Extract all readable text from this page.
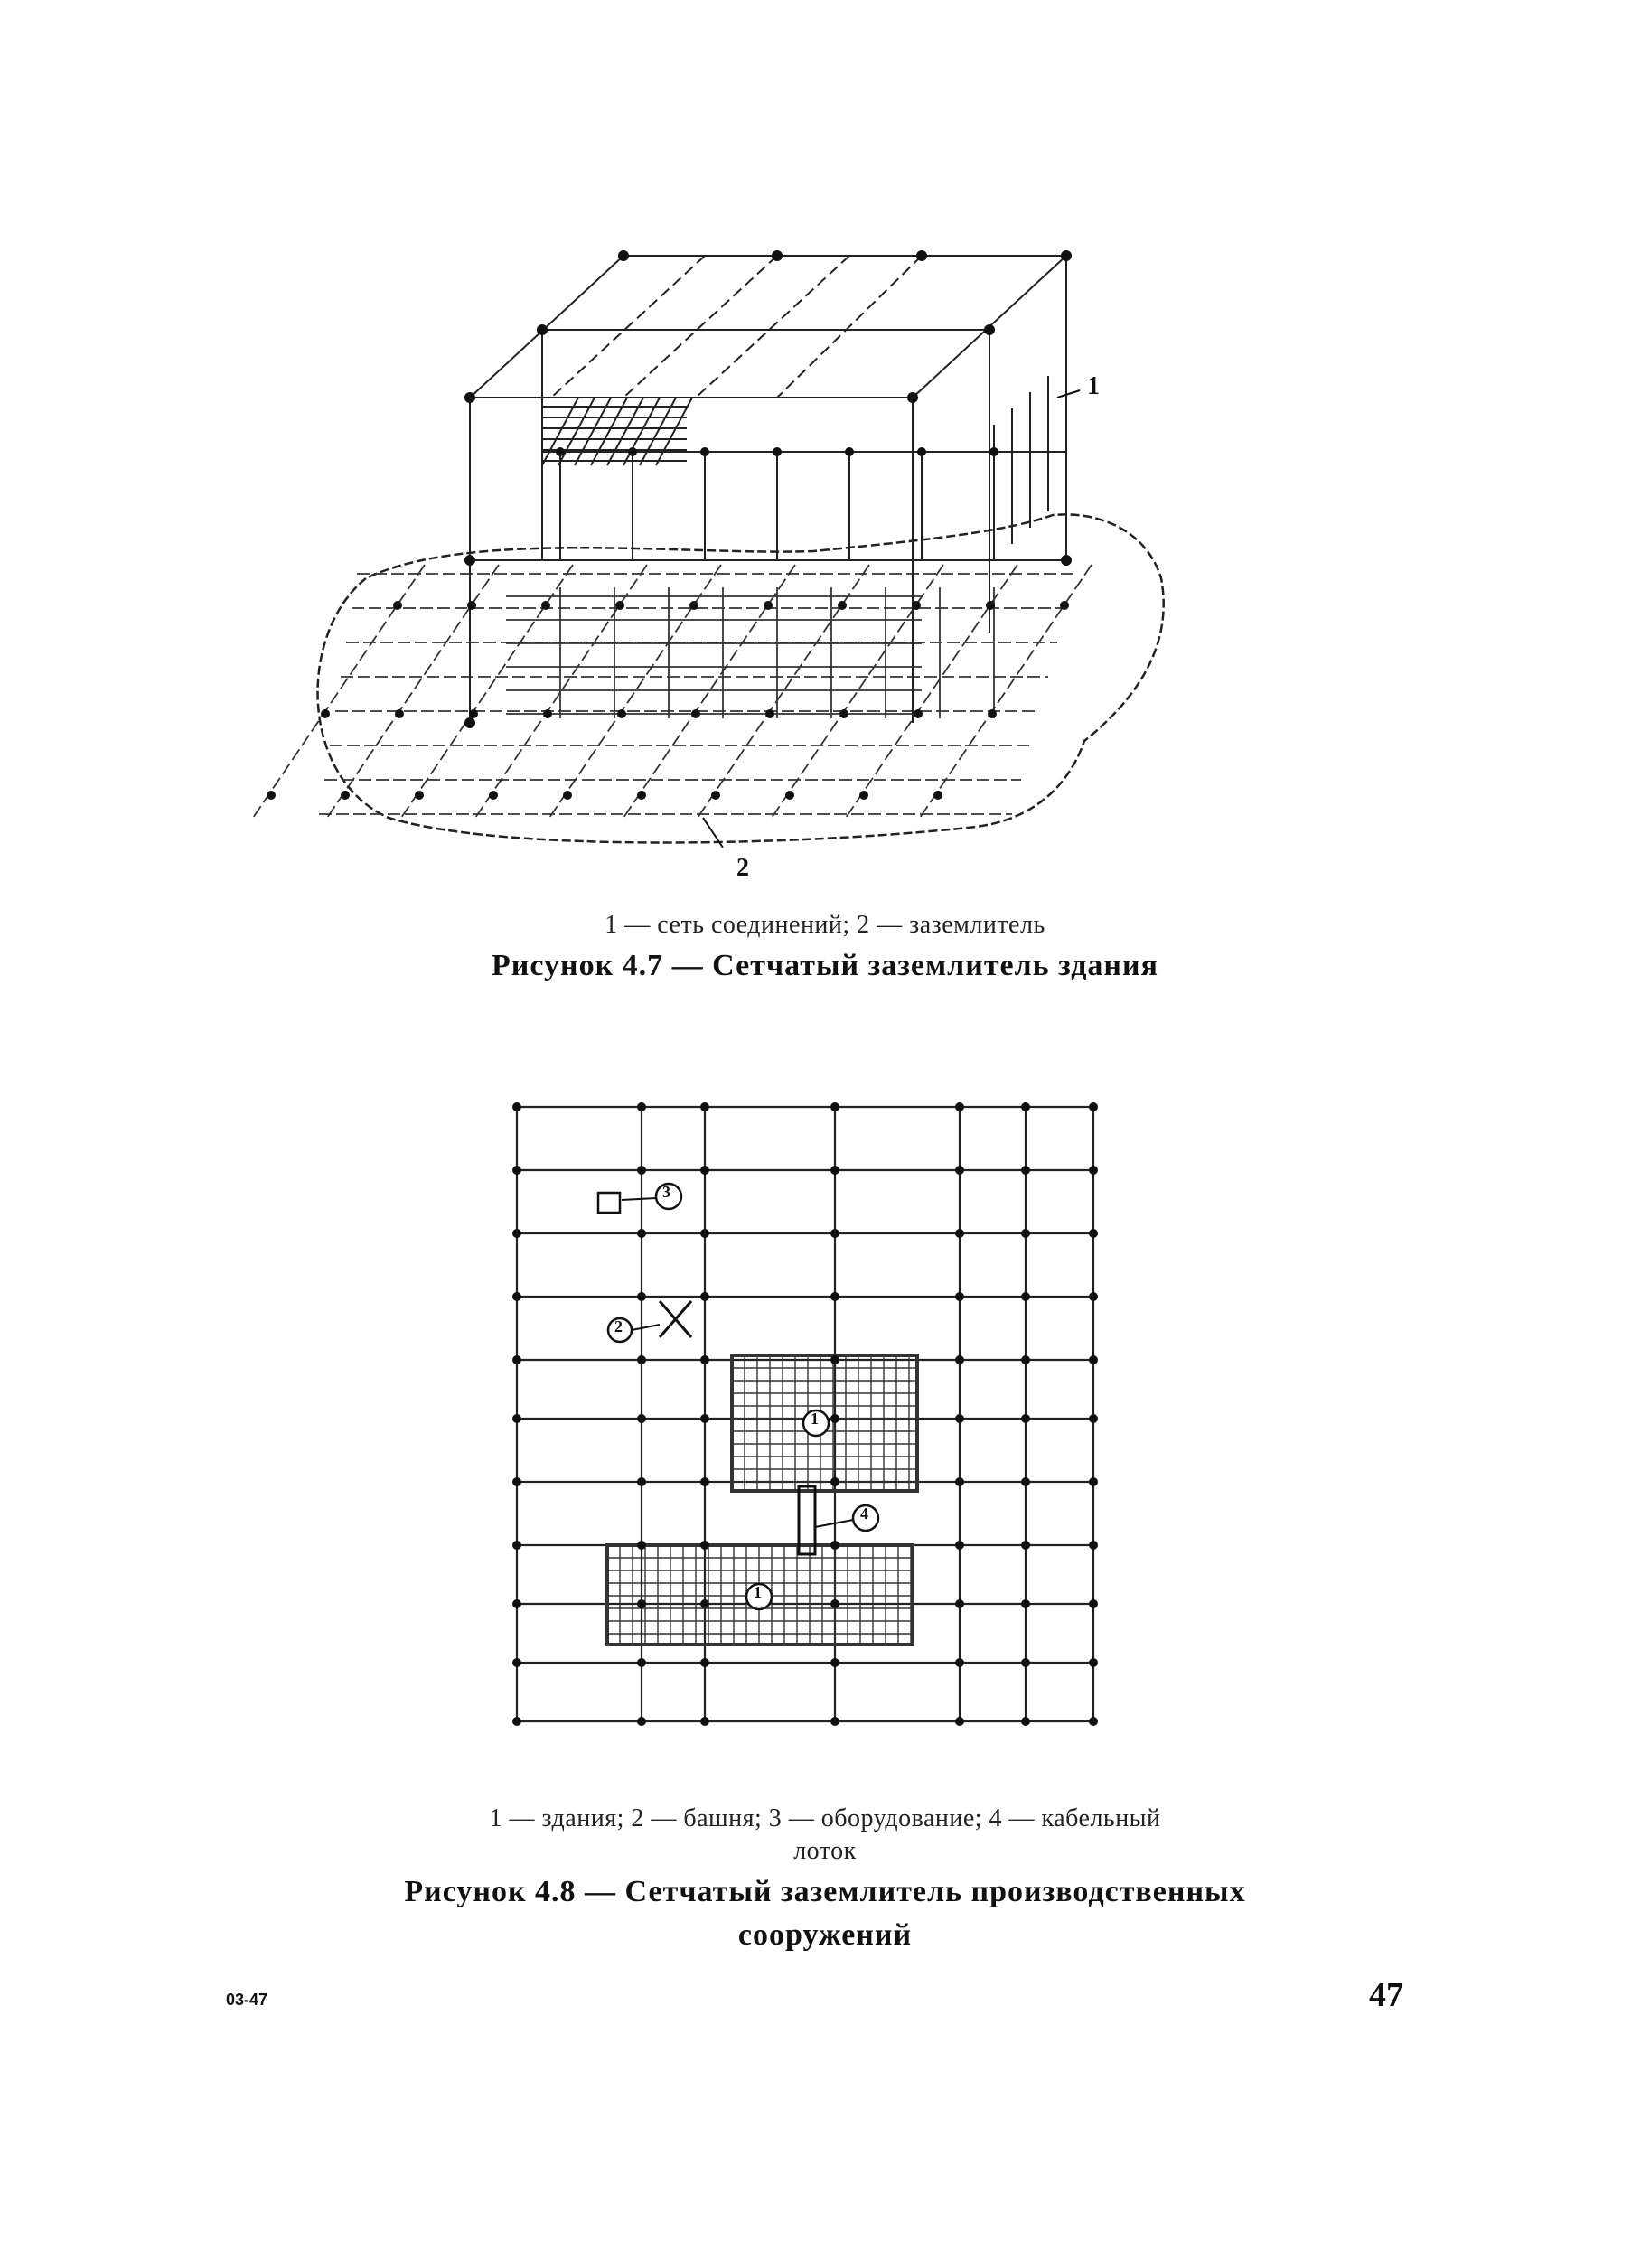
1
2
1 — сеть соединений; 2 — заземлитель
Рисунок 4.7 — Сетчатый заземлитель здания
3
2
1
4
1
1 — здания; 2 — башня; 3 — оборудование; 4 — кабельный
лоток
Рисунок 4.8 — Сетчатый заземлитель производственных
сооружений
03-47	47
